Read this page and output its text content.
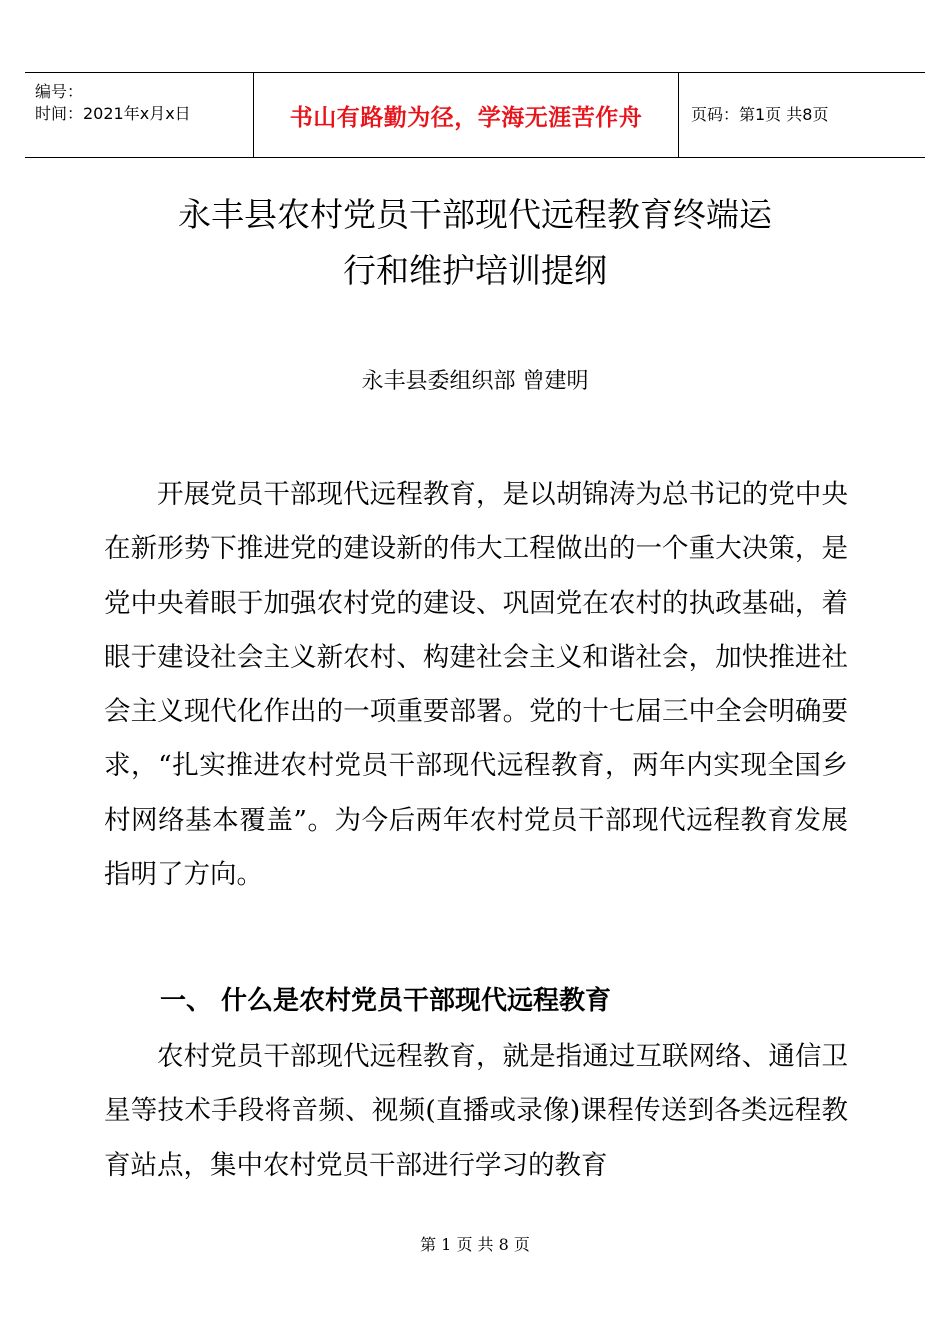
编号：
时间：2021年x月x日	书山有路勤为径，学海无涯苦作舟	页码：第1页 共8页
永丰县农村党员干部现代远程教育终端运
行和维护培训提纲
永丰县委组织部 曾建明
开展党员干部现代远程教育，是以胡锦涛为总书记的党中央在新形势下推进党的建设新的伟大工程做出的一个重大决策，是党中央着眼于加强农村党的建设、巩固党在农村的执政基础，着眼于建设社会主义新农村、构建社会主义和谐社会，加快推进社会主义现代化作出的一项重要部署。党的十七届三中全会明确要求，“扎实推进农村党员干部现代远程教育，两年内实现全国乡村网络基本覆盖”。为今后两年农村党员干部现代远程教育发展指明了方向。
一、 什么是农村党员干部现代远程教育
农村党员干部现代远程教育，就是指通过互联网络、通信卫星等技术手段将音频、视频(直播或录像)课程传送到各类远程教育站点，集中农村党员干部进行学习的教育
第 1 页 共 8 页
